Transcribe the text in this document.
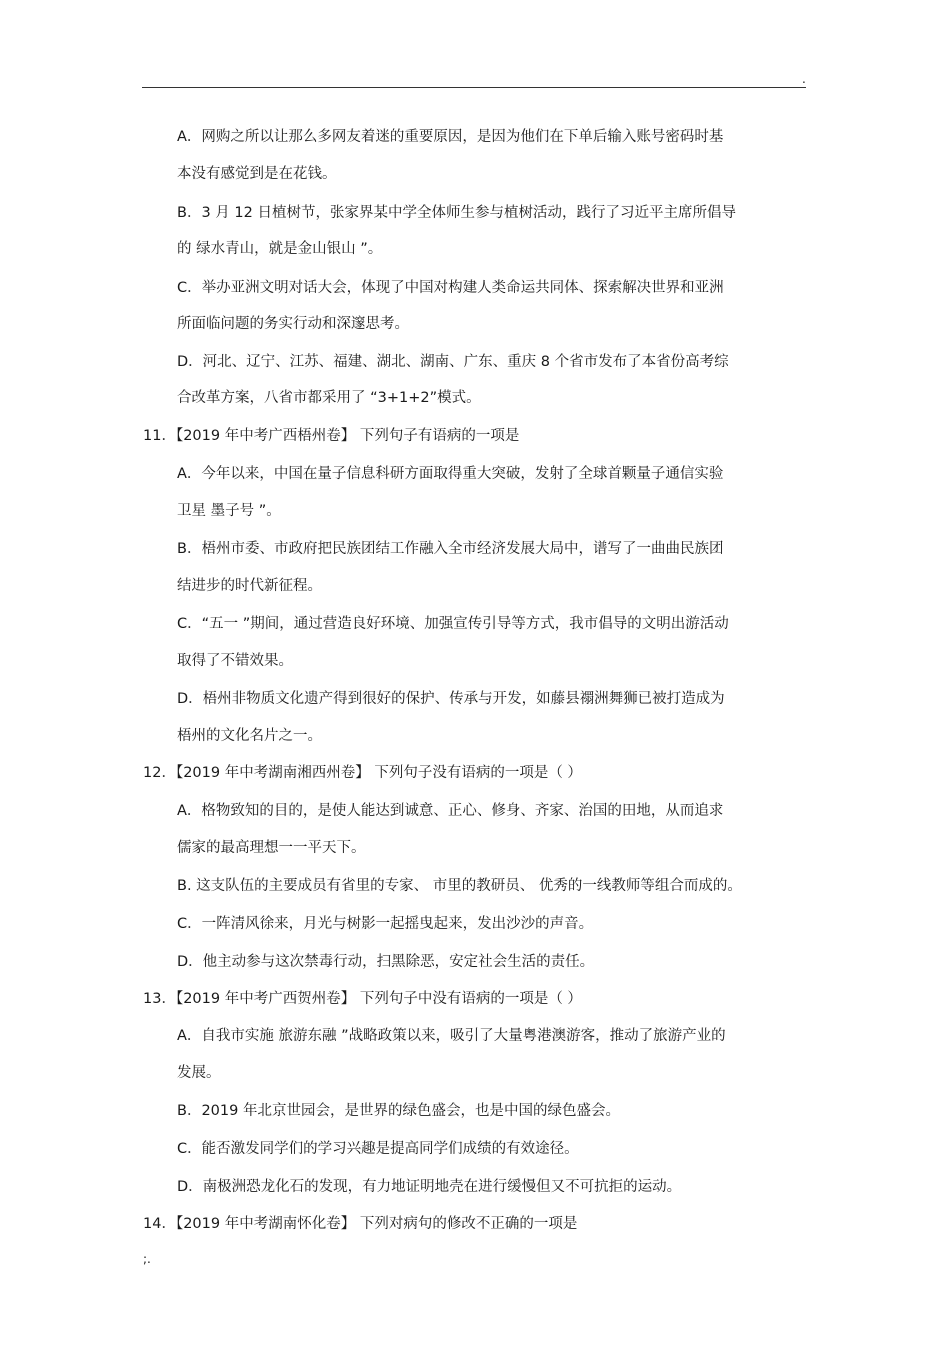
.
A．网购之所以让那么多网友着迷的重要原因，是因为他们在下单后输入账号密码时基
本没有感觉到是在花钱。
B．3 月 12 日植树节，张家界某中学全体师生参与植树活动，践行了习近平主席所倡导
的 绿水青山，就是金山银山 ”。
C．举办亚洲文明对话大会，体现了中国对构建人类命运共同体、探索解决世界和亚洲
所面临问题的务实行动和深邃思考。
D．河北、辽宁、江苏、福建、湖北、湖南、广东、重庆 8 个省市发布了本省份高考综
合改革方案，八省市都采用了 “3+1+2”模式。
11．【2019 年中考广西梧州卷】 下列句子有语病的一项是
A．今年以来，中国在量子信息科研方面取得重大突破，发射了全球首颗量子通信实验
卫星 墨子号 ”。
B．梧州市委、市政府把民族团结工作融入全市经济发展大局中，谱写了一曲曲民族团
结进步的时代新征程。
C．“五一 ”期间，通过营造良好环境、加强宣传引导等方式，我市倡导的文明出游活动
取得了不错效果。
D．梧州非物质文化遗产得到很好的保护、传承与开发，如藤县禤洲舞狮已被打造成为
梧州的文化名片之一。
12．【2019 年中考湖南湘西州卷】 下列句子没有语病的一项是（ ）
A．格物致知的目的，是使人能达到诚意、正心、修身、齐家、治国的田地，从而追求
儒家的最高理想一一平天下。
B. 这支队伍的主要成员有省里的专家、 市里的教研员、 优秀的一线教师等组合而成的。
C．一阵清风徐来，月光与树影一起摇曳起来，发出沙沙的声音。
D．他主动参与这次禁毒行动，扫黑除恶，安定社会生活的责任。
13．【2019 年中考广西贺州卷】 下列句子中没有语病的一项是（ ）
A．自我市实施 旅游东融 ”战略政策以来，吸引了大量粤港澳游客，推动了旅游产业的
发展。
B．2019 年北京世园会，是世界的绿色盛会，也是中国的绿色盛会。
C．能否激发同学们的学习兴趣是提高同学们成绩的有效途径。
D．南极洲恐龙化石的发现，有力地证明地壳在进行缓慢但又不可抗拒的运动。
14．【2019 年中考湖南怀化卷】 下列对病句的修改不正确的一项是
;.
